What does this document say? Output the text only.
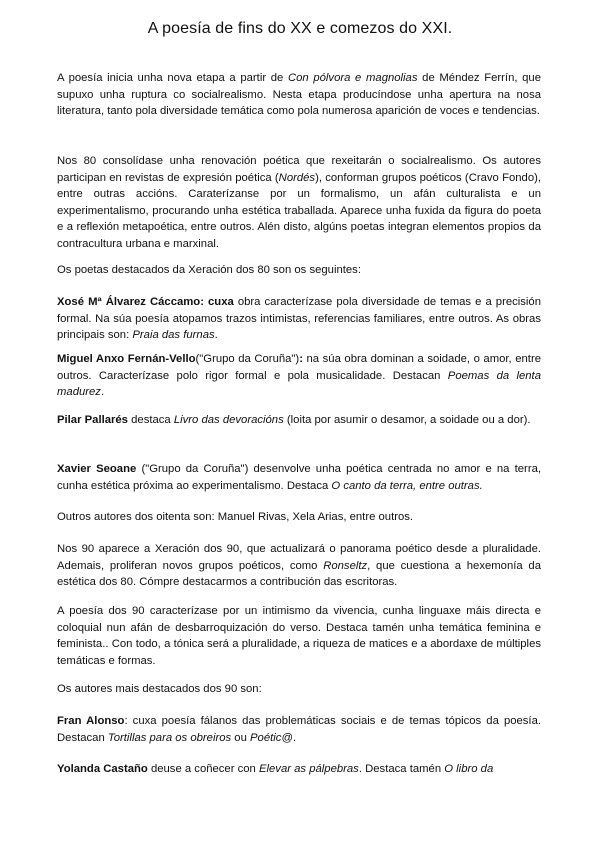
A poesía de fins do XX e comezos do XXI.

A poesía inicia unha nova etapa a partir de Con pólvora e magnolias de Méndez Ferrín, que supuxo unha ruptura co socialrealismo. Nesta etapa producíndose unha apertura na nosa literatura, tanto pola diversidade temática como pola numerosa aparición de voces e tendencias.

Nos 80 consolídase unha renovación poética que rexeitarán o socialrealismo. Os autores participan en revistas de expresión poética (Nordés), conforman grupos poéticos (Cravo Fondo), entre outras accións. Caraterízanse por un formalismo, un afán culturalista e un experimentalismo, procurando unha estética traballada. Aparece unha fuxida da figura do poeta e a reflexión metapoética, entre outros. Alén disto, algúns poetas integran elementos propios da contracultura urbana e marxinal.

Os poetas destacados da Xeración dos 80 son os seguintes:

Xosé Mª Álvarez Cáccamo: cuxa obra caracterízase pola diversidade de temas e a precisión formal. Na súa poesía atopamos trazos intimistas, referencias familiares, entre outros. As obras principais son: Praia das furnas.

Miguel Anxo Fernán-Vello("Grupo da Coruña"): na súa obra dominan a soidade, o amor, entre outros. Caracterízase polo rigor formal e pola musicalidade. Destacan Poemas da lenta madurez.

Pilar Pallarés destaca Livro das devoracións (loita por asumir o desamor, a soidade ou a dor).

Xavier Seoane ("Grupo da Coruña") desenvolve unha poética centrada no amor e na terra, cunha estética próxima ao experimentalismo. Destaca O canto da terra, entre outras.

Outros autores dos oitenta son: Manuel Rivas, Xela Arias, entre outros.

Nos 90 aparece a Xeración dos 90, que actualizará o panorama poético desde a pluralidade. Ademais, proliferan novos grupos poéticos, como Ronseltz, que cuestiona a hexemonía da estética dos 80. Cómpre destacarmos a contribución das escritoras.

A poesía dos 90 caracterízase por un intimismo da vivencia, cunha linguaxe máis directa e coloquial nun afán de desbarroquización do verso. Destaca tamén unha temática feminina e feminista.. Con todo, a tónica será a pluralidade, a riqueza de matices e a abordaxe de múltiples temáticas e formas.

Os autores mais destacados dos 90 son:

Fran Alonso: cuxa poesía fálanos das problemáticas sociais e de temas tópicos da poesía. Destacan Tortillas para os obreiros ou Poétic@.

Yolanda Castaño deuse a coñecer con Elevar as pálpebras. Destaca tamén O libro da
